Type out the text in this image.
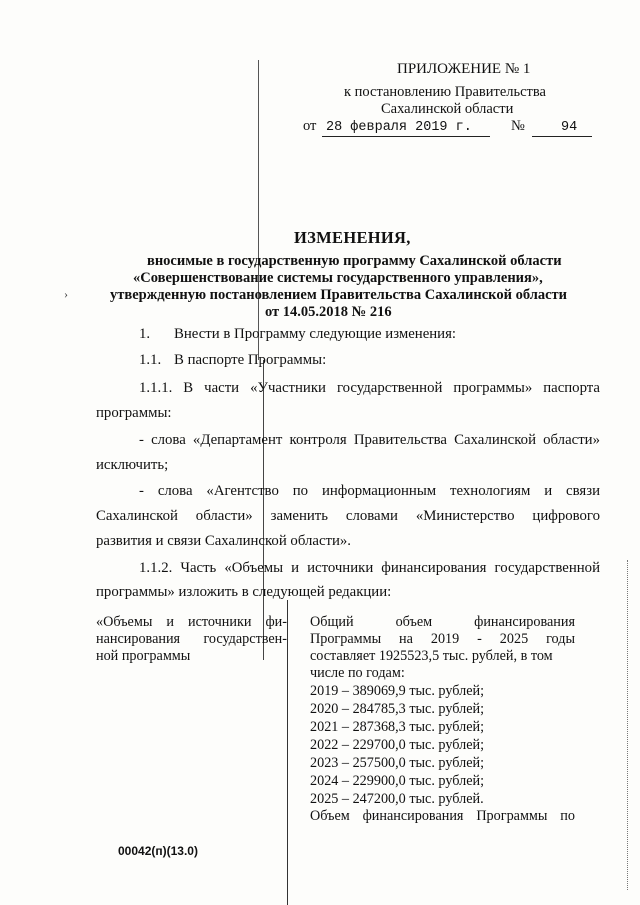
›
ПРИЛОЖЕНИЕ № 1
к постановлению Правительства
Сахалинской области
от 28 февраля 2019 г.	№	94
ИЗМЕНЕНИЯ,
вносимые в государственную программу Сахалинской области
«Совершенствование системы государственного управления»,
утвержденную постановлением Правительства Сахалинской области
от 14.05.2018 № 216
1. Внести в Программу следующие изменения:
1.1. В паспорте Программы:
1.1.1. В части «Участники государственной программы» паспорта
программы:
- слова «Департамент контроля Правительства Сахалинской области»
исключить;
- слова «Агентство по информационным технологиям и связи
Сахалинской области» заменить словами «Министерство цифрового
развития и связи Сахалинской области».
1.1.2. Часть «Объемы и источники финансирования государственной
программы» изложить в следующей редакции:
«Объемы и источники фи-
нансирования государствен-
ной программы
Общий объем финансирования
Программы на 2019 - 2025 годы
составляет 1925523,5 тыс. рублей, в том
числе по годам:
2019 – 389069,9 тыс. рублей;
2020 – 284785,3 тыс. рублей;
2021 – 287368,3 тыс. рублей;
2022 – 229700,0 тыс. рублей;
2023 – 257500,0 тыс. рублей;
2024 – 229900,0 тыс. рублей;
2025 – 247200,0 тыс. рублей.
Объем финансирования Программы по
00042(п)(13.0)
